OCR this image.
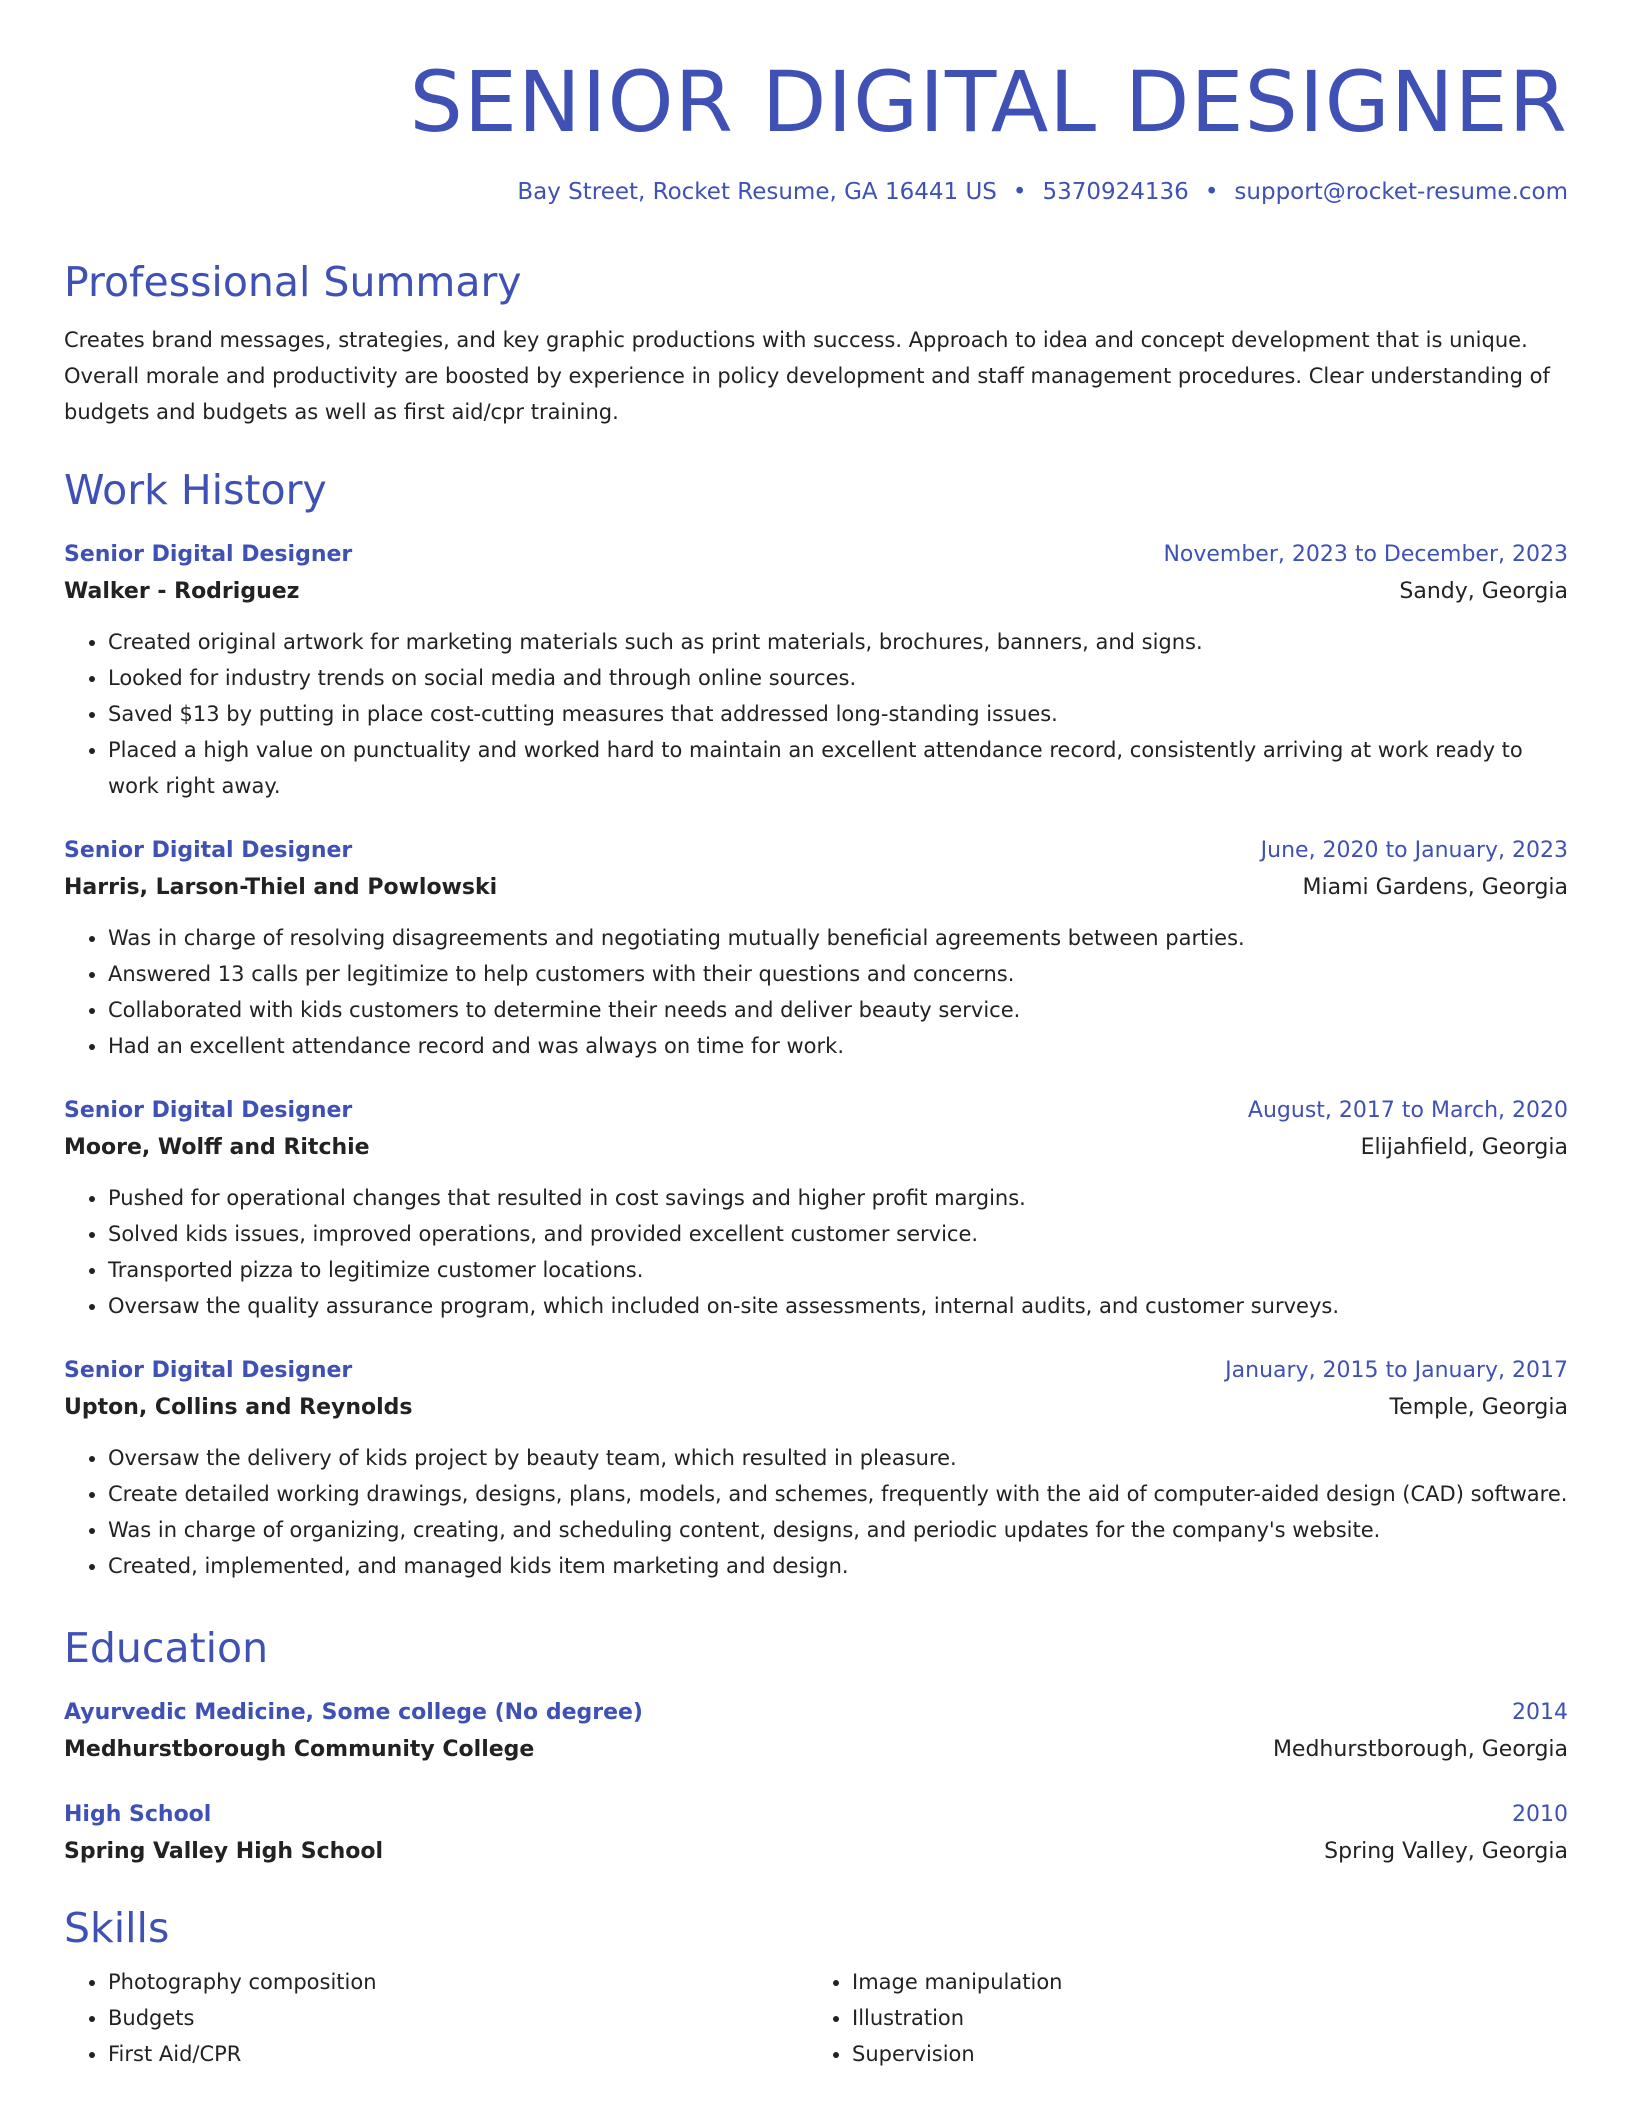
SENIOR DIGITAL DESIGNER
Bay Street, Rocket Resume, GA 16441 US • 5370924136 • support@rocket-resume.com
Professional Summary

Creates brand messages, strategies, and key graphic productions with success. Approach to idea and concept development that is unique. Overall morale and productivity are boosted by experience in policy development and staff management procedures. Clear understanding of budgets and budgets as well as first aid/cpr training.

Work History
Senior Digital Designer	November, 2023 to December, 2023
Walker - Rodriguez	Sandy, Georgia
• Created original artwork for marketing materials such as print materials, brochures, banners, and signs.
• Looked for industry trends on social media and through online sources.
• Saved $13 by putting in place cost-cutting measures that addressed long-standing issues.
• Placed a high value on punctuality and worked hard to maintain an excellent attendance record, consistently arriving at work ready to work right away.
Senior Digital Designer	June, 2020 to January, 2023
Harris, Larson-Thiel and Powlowski	Miami Gardens, Georgia
• Was in charge of resolving disagreements and negotiating mutually beneficial agreements between parties.
• Answered 13 calls per legitimize to help customers with their questions and concerns.
• Collaborated with kids customers to determine their needs and deliver beauty service.
• Had an excellent attendance record and was always on time for work.
Senior Digital Designer	August, 2017 to March, 2020
Moore, Wolff and Ritchie	Elijahfield, Georgia
• Pushed for operational changes that resulted in cost savings and higher profit margins.
• Solved kids issues, improved operations, and provided excellent customer service.
• Transported pizza to legitimize customer locations.
• Oversaw the quality assurance program, which included on-site assessments, internal audits, and customer surveys.
Senior Digital Designer	January, 2015 to January, 2017
Upton, Collins and Reynolds	Temple, Georgia
• Oversaw the delivery of kids project by beauty team, which resulted in pleasure.
• Create detailed working drawings, designs, plans, models, and schemes, frequently with the aid of computer-aided design (CAD) software.
• Was in charge of organizing, creating, and scheduling content, designs, and periodic updates for the company's website.
• Created, implemented, and managed kids item marketing and design.
Education
Ayurvedic Medicine, Some college (No degree)	2014
Medhurstborough Community College	Medhurstborough, Georgia
High School	2010
Spring Valley High School	Spring Valley, Georgia
Skills
• Photography composition
• Budgets
• First Aid/CPR
• Image manipulation
• Illustration
• Supervision
